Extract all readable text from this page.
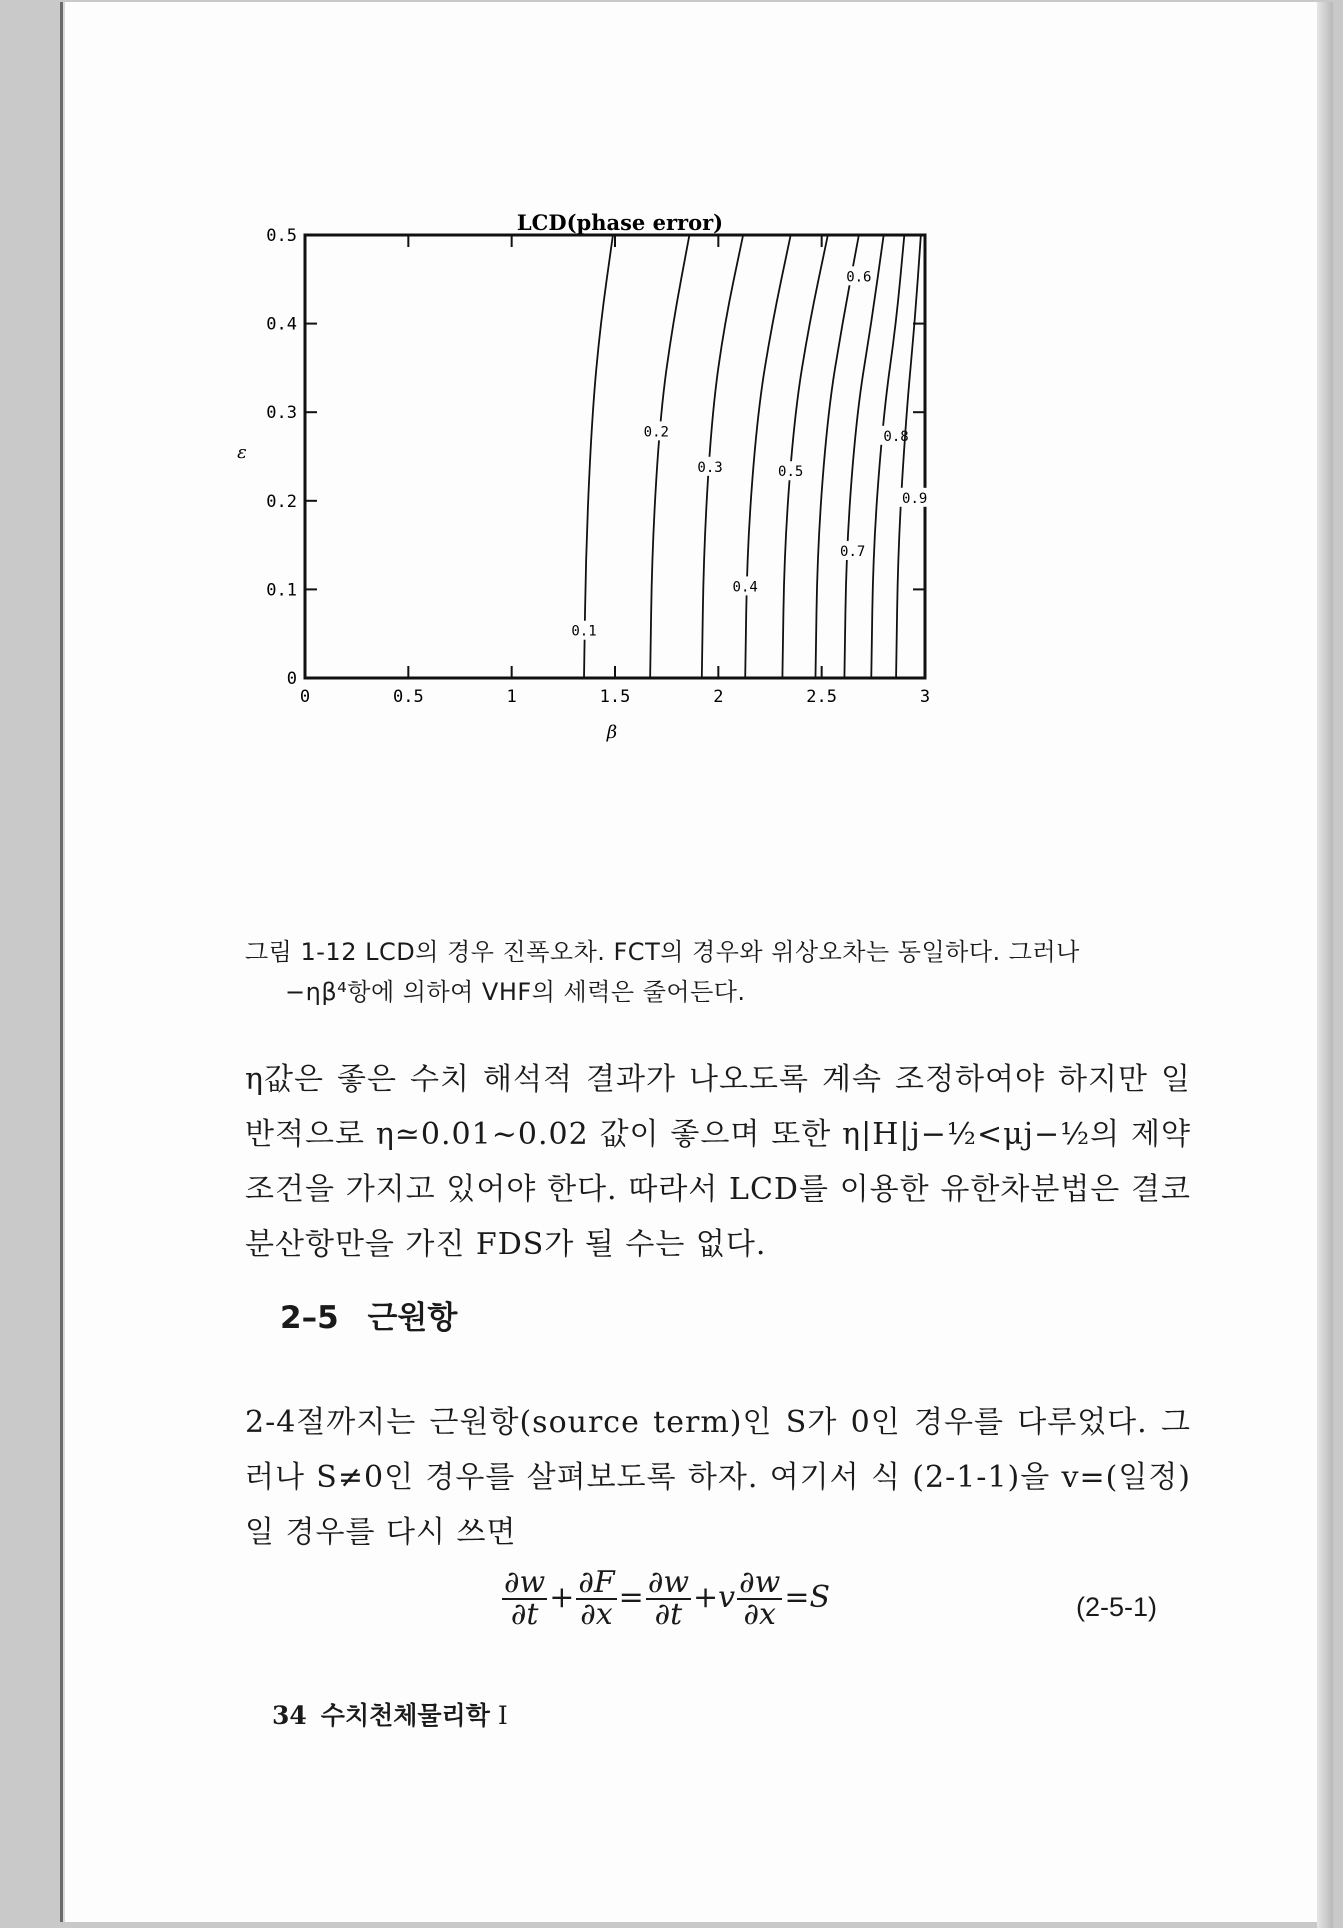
LCD(phase error)
ε
β
0	0.5	1	1.5	2	2.5	3
0
0.1
0.2
0.3
0.4
0.5
0.1
0.2
0.3
0.4
0.5
0.6
0.7
0.8
0.9
그림 1-12 LCD의 경우 진폭오차. FCT의 경우와 위상오차는 동일하다. 그러나
−ηβ⁴항에 의하여 VHF의 세력은 줄어든다.
η값은 좋은 수치 해석적 결과가 나오도록 계속 조정하여야 하지만 일반적으로 η≃0.01~0.02 값이 좋으며 또한 η|H|j−½<μj−½의 제약 조건을 가지고 있어야 한다. 따라서 LCD를 이용한 유한차분법은 결코 분산항만을 가진 FDS가 될 수는 없다.
2–5 근원항
2-4절까지는 근원항(source term)인 S가 0인 경우를 다루었다. 그러나 S≠0인 경우를 살펴보도록 하자. 여기서 식 (2-1-1)을 v=(일정)일 경우를 다시 쓰면
$\frac{\partial w}{\partial t} + \frac{\partial F}{\partial x} = \frac{\partial w}{\partial t} +v \frac{\partial w}{\partial x} =S$	(2-5-1)
34 수치천체물리학 I
